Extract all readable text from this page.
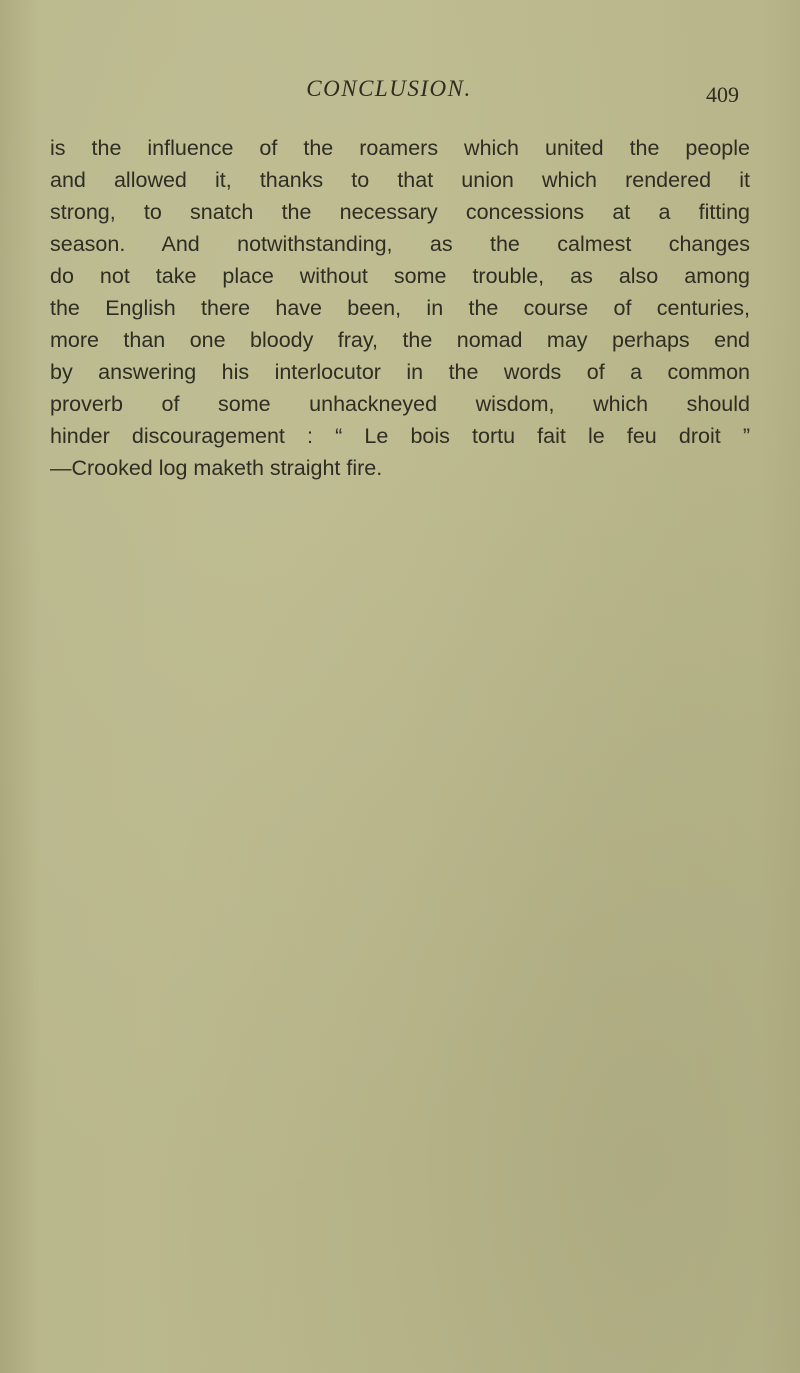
CONCLUSION.	409

is the influence of the roamers which united the people
and allowed it, thanks to that union which rendered it
strong, to snatch the necessary concessions at a fitting
season. And notwithstanding, as the calmest changes
do not take place without some trouble, as also among
the English there have been, in the course of centuries,
more than one bloody fray, the nomad may perhaps end
by answering his interlocutor in the words of a common
proverb of some unhackneyed wisdom, which should
hinder discouragement : “ Le bois tortu fait le feu droit ”
—Crooked log maketh straight fire.
